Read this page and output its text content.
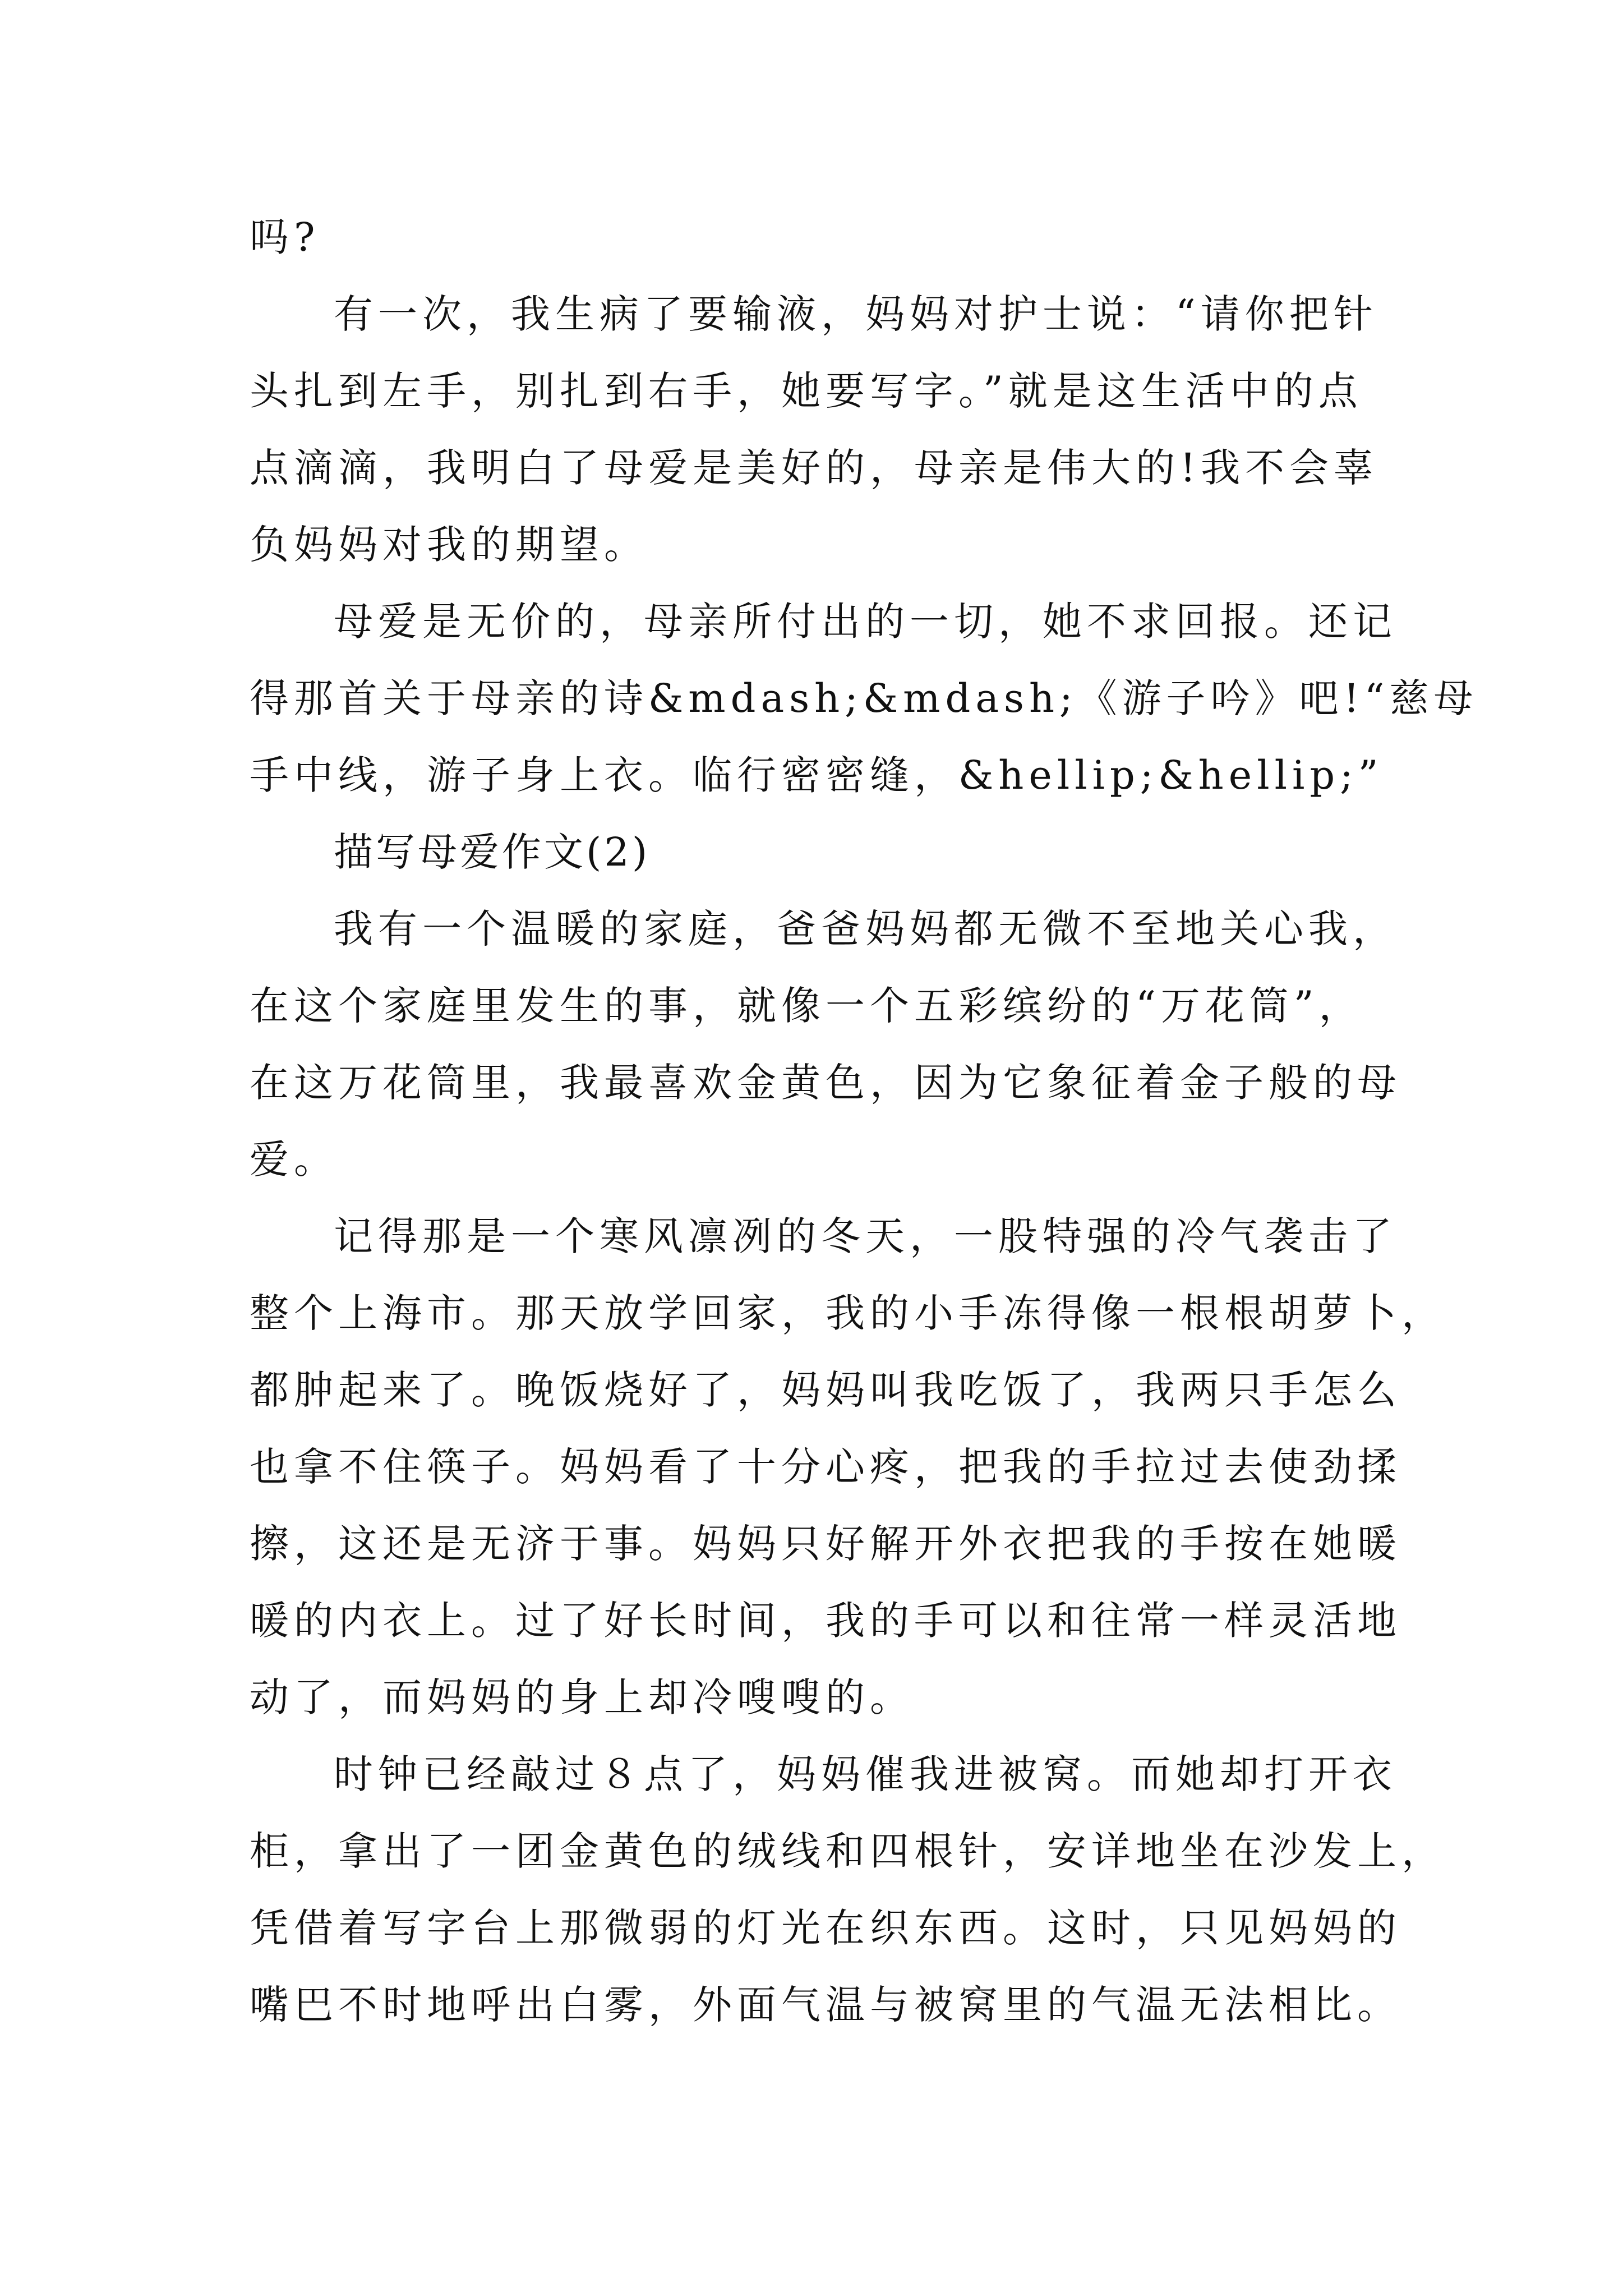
吗?
有一次，我生病了要输液，妈妈对护士说：“请你把针
头扎到左手，别扎到右手，她要写字。”就是这生活中的点
点滴滴，我明白了母爱是美好的，母亲是伟大的!我不会辜
负妈妈对我的期望。
母爱是无价的，母亲所付出的一切，她不求回报。还记
得那首关于母亲的诗&mdash;&mdash;《游子吟》吧!“慈母
手中线，游子身上衣。临行密密缝，&hellip;&hellip;”
描写母爱作文(2)
我有一个温暖的家庭，爸爸妈妈都无微不至地关心我，
在这个家庭里发生的事，就像一个五彩缤纷的“万花筒”，
在这万花筒里，我最喜欢金黄色，因为它象征着金子般的母
爱。
记得那是一个寒风凛冽的冬天，一股特强的冷气袭击了
整个上海市。那天放学回家，我的小手冻得像一根根胡萝卜，
都肿起来了。晚饭烧好了，妈妈叫我吃饭了，我两只手怎么
也拿不住筷子。妈妈看了十分心疼，把我的手拉过去使劲揉
擦，这还是无济于事。妈妈只好解开外衣把我的手按在她暖
暖的内衣上。过了好长时间，我的手可以和往常一样灵活地
动了，而妈妈的身上却冷嗖嗖的。
时钟已经敲过８点了，妈妈催我进被窝。而她却打开衣
柜，拿出了一团金黄色的绒线和四根针，安详地坐在沙发上，
凭借着写字台上那微弱的灯光在织东西。这时，只见妈妈的
嘴巴不时地呼出白雾，外面气温与被窝里的气温无法相比。
